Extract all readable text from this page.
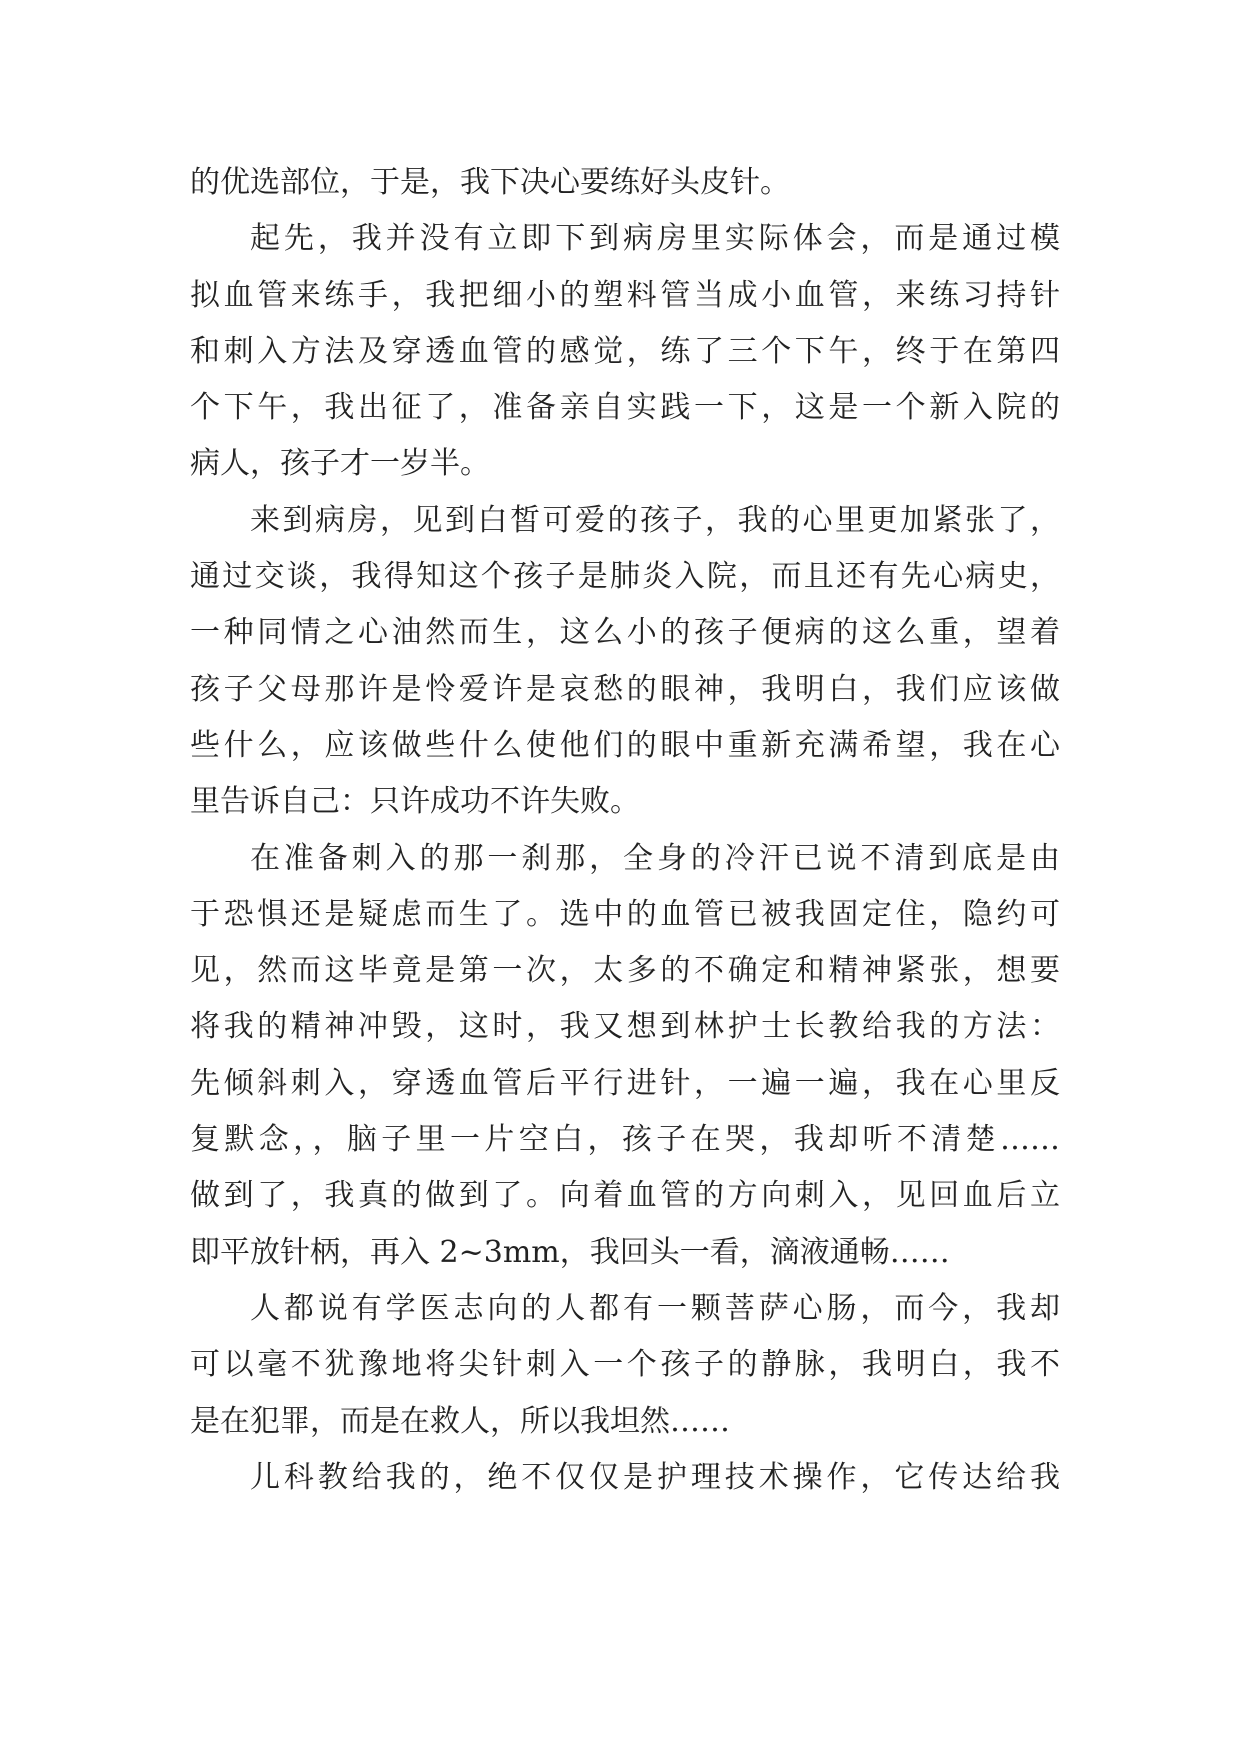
的优选部位，于是，我下决心要练好头皮针。
起先，我并没有立即下到病房里实际体会，而是通过模
拟血管来练手，我把细小的塑料管当成小血管，来练习持针
和刺入方法及穿透血管的感觉，练了三个下午，终于在第四
个下午，我出征了，准备亲自实践一下，这是一个新入院的
病人，孩子才一岁半。
来到病房，见到白皙可爱的孩子，我的心里更加紧张了，
通过交谈，我得知这个孩子是肺炎入院，而且还有先心病史，
一种同情之心油然而生，这么小的孩子便病的这么重，望着
孩子父母那许是怜爱许是哀愁的眼神，我明白，我们应该做
些什么，应该做些什么使他们的眼中重新充满希望，我在心
里告诉自己：只许成功不许失败。
在准备刺入的那一刹那，全身的冷汗已说不清到底是由
于恐惧还是疑虑而生了。选中的血管已被我固定住，隐约可
见，然而这毕竟是第一次，太多的不确定和精神紧张，想要
将我的精神冲毁，这时，我又想到林护士长教给我的方法：
先倾斜刺入，穿透血管后平行进针，一遍一遍，我在心里反
复默念，，脑子里一片空白，孩子在哭，我却听不清楚……
做到了，我真的做到了。向着血管的方向刺入，见回血后立
即平放针柄，再入 2~3mm，我回头一看，滴液通畅……
人都说有学医志向的人都有一颗菩萨心肠，而今，我却
可以毫不犹豫地将尖针刺入一个孩子的静脉，我明白，我不
是在犯罪，而是在救人，所以我坦然……
儿科教给我的，绝不仅仅是护理技术操作，它传达给我
